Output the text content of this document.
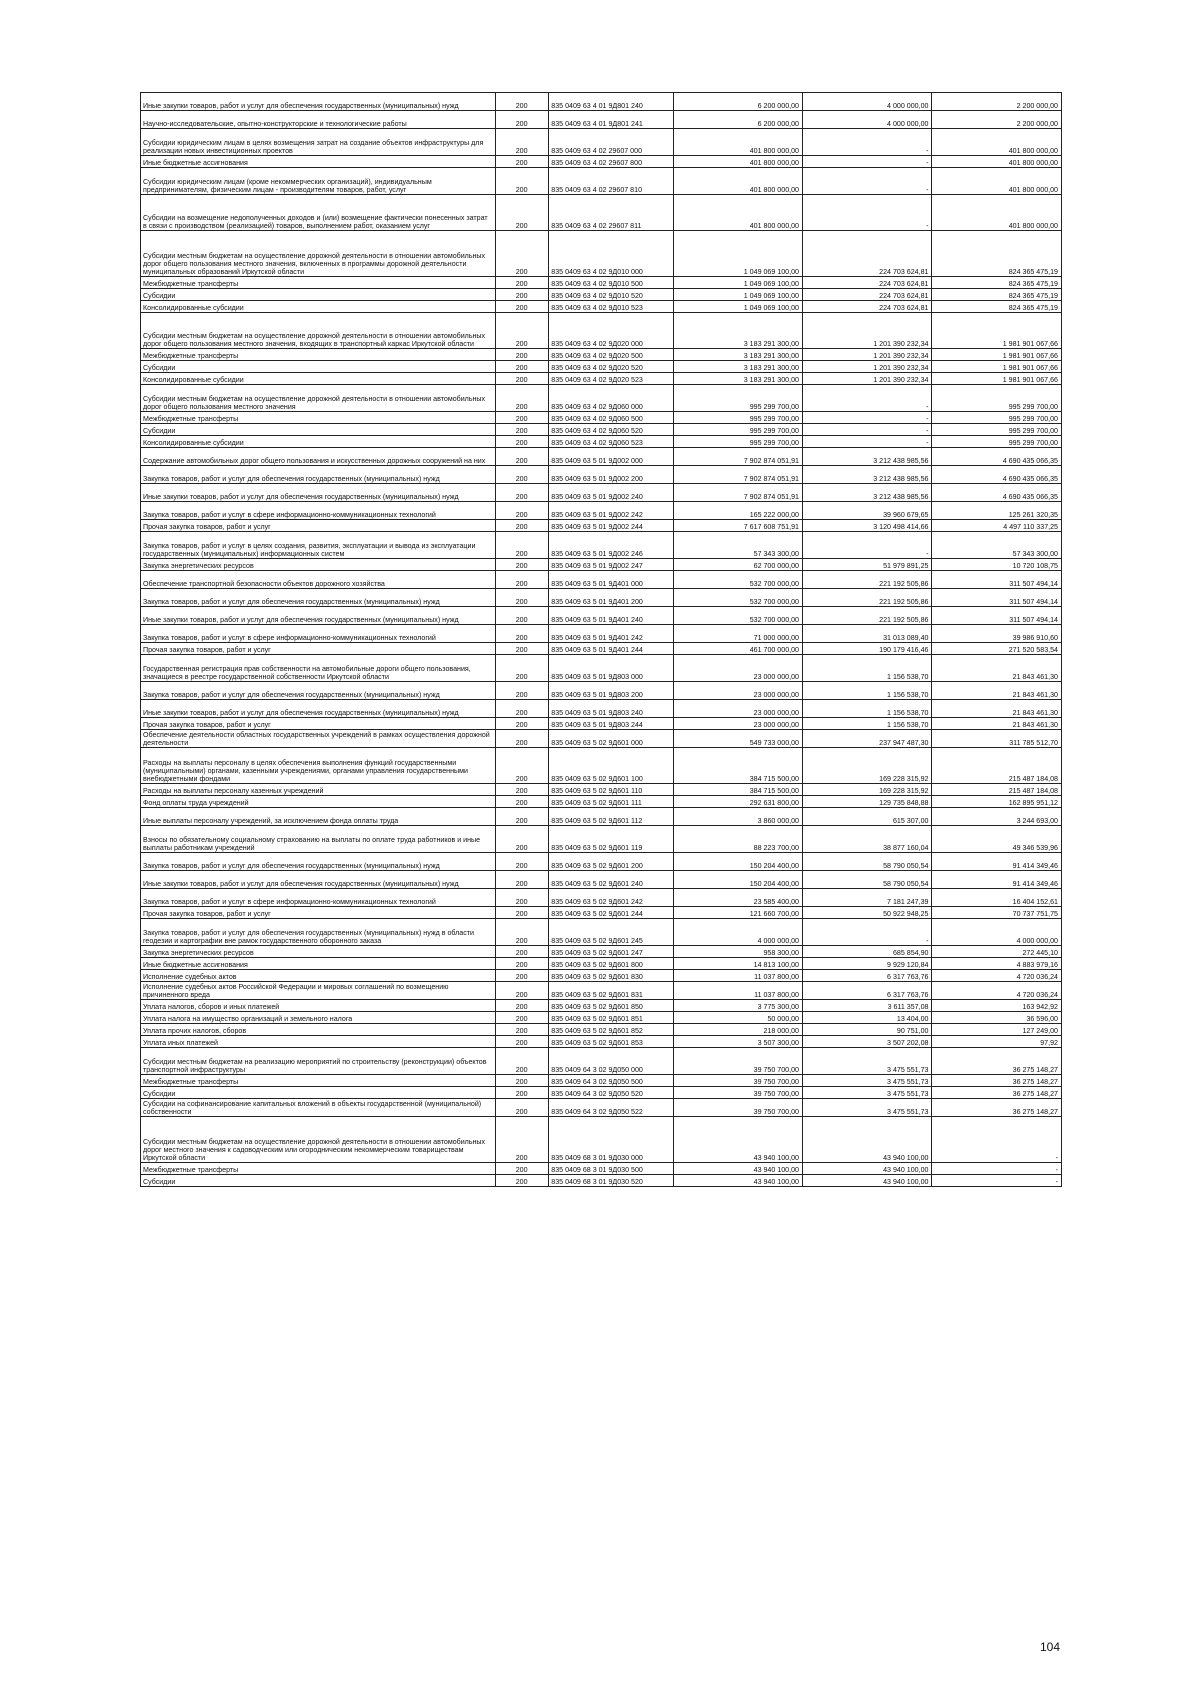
Иные закупки товаров, работ и услуг для обеспечения государственных (муниципальных) нужд	200	835 0409 63 4 01 9Д801 240	6 200 000,00	4 000 000,00	2 200 000,00
Научно-исследовательские, опытно-конструкторские и технологические работы	200	835 0409 63 4 01 9Д801 241	6 200 000,00	4 000 000,00	2 200 000,00
Субсидии юридическим лицам в целях возмещения затрат на создание объектов инфраструктуры для реализации новых инвестиционных проектов	200	835 0409 63 4 02 29607 000	401 800 000,00	-	401 800 000,00
Иные бюджетные ассигнования	200	835 0409 63 4 02 29607 800	401 800 000,00	-	401 800 000,00
Субсидии юридическим лицам (кроме некоммерческих организаций), индивидуальным предпринимателям, физическим лицам - производителям товаров, работ, услуг	200	835 0409 63 4 02 29607 810	401 800 000,00	-	401 800 000,00
Субсидии на возмещение недополученных доходов и (или) возмещение фактически понесенных затрат в связи с производством (реализацией) товаров, выполнением работ, оказанием услуг	200	835 0409 63 4 02 29607 811	401 800 000,00	-	401 800 000,00
Субсидии местным бюджетам на осуществление дорожной деятельности в отношении автомобильных дорог общего пользования местного значения, включенных в программы дорожной деятельности муниципальных образований Иркутской области	200	835 0409 63 4 02 9Д010 000	1 049 069 100,00	224 703 624,81	824 365 475,19
Межбюджетные трансферты	200	835 0409 63 4 02 9Д010 500	1 049 069 100,00	224 703 624,81	824 365 475,19
Субсидии	200	835 0409 63 4 02 9Д010 520	1 049 069 100,00	224 703 624,81	824 365 475,19
Консолидированные субсидии	200	835 0409 63 4 02 9Д010 523	1 049 069 100,00	224 703 624,81	824 365 475,19
Субсидии местным бюджетам на осуществление дорожной деятельности в отношении автомобильных дорог общего пользования местного значения, входящих в транспортный каркас Иркутской области	200	835 0409 63 4 02 9Д020 000	3 183 291 300,00	1 201 390 232,34	1 981 901 067,66
Межбюджетные трансферты	200	835 0409 63 4 02 9Д020 500	3 183 291 300,00	1 201 390 232,34	1 981 901 067,66
Субсидии	200	835 0409 63 4 02 9Д020 520	3 183 291 300,00	1 201 390 232,34	1 981 901 067,66
Консолидированные субсидии	200	835 0409 63 4 02 9Д020 523	3 183 291 300,00	1 201 390 232,34	1 981 901 067,66
Субсидии местным бюджетам на осуществление дорожной деятельности в отношении автомобильных дорог общего пользования местного значения	200	835 0409 63 4 02 9Д060 000	995 299 700,00	-	995 299 700,00
Межбюджетные трансферты	200	835 0409 63 4 02 9Д060 500	995 299 700,00	-	995 299 700,00
Субсидии	200	835 0409 63 4 02 9Д060 520	995 299 700,00	-	995 299 700,00
Консолидированные субсидии	200	835 0409 63 4 02 9Д060 523	995 299 700,00	-	995 299 700,00
Содержание автомобильных дорог общего пользования и искусственных дорожных сооружений на них	200	835 0409 63 5 01 9Д002 000	7 902 874 051,91	3 212 438 985,56	4 690 435 066,35
Закупка товаров, работ и услуг для обеспечения государственных (муниципальных) нужд	200	835 0409 63 5 01 9Д002 200	7 902 874 051,91	3 212 438 985,56	4 690 435 066,35
Иные закупки товаров, работ и услуг для обеспечения государственных (муниципальных) нужд	200	835 0409 63 5 01 9Д002 240	7 902 874 051,91	3 212 438 985,56	4 690 435 066,35
Закупка товаров, работ и услуг в сфере информационно-коммуникационных технологий	200	835 0409 63 5 01 9Д002 242	165 222 000,00	39 960 679,65	125 261 320,35
Прочая закупка товаров, работ и услуг	200	835 0409 63 5 01 9Д002 244	7 617 608 751,91	3 120 498 414,66	4 497 110 337,25
Закупка товаров, работ и услуг в целях создания, развития, эксплуатации и вывода из эксплуатации государственных (муниципальных) информационных систем	200	835 0409 63 5 01 9Д002 246	57 343 300,00	-	57 343 300,00
Закупка энергетических ресурсов	200	835 0409 63 5 01 9Д002 247	62 700 000,00	51 979 891,25	10 720 108,75
Обеспечение транспортной безопасности объектов дорожного хозяйства	200	835 0409 63 5 01 9Д401 000	532 700 000,00	221 192 505,86	311 507 494,14
Закупка товаров, работ и услуг для обеспечения государственных (муниципальных) нужд	200	835 0409 63 5 01 9Д401 200	532 700 000,00	221 192 505,86	311 507 494,14
Иные закупки товаров, работ и услуг для обеспечения государственных (муниципальных) нужд	200	835 0409 63 5 01 9Д401 240	532 700 000,00	221 192 505,86	311 507 494,14
Закупка товаров, работ и услуг в сфере информационно-коммуникационных технологий	200	835 0409 63 5 01 9Д401 242	71 000 000,00	31 013 089,40	39 986 910,60
Прочая закупка товаров, работ и услуг	200	835 0409 63 5 01 9Д401 244	461 700 000,00	190 179 416,46	271 520 583,54
Государственная регистрация прав собственности на автомобильные дороги общего пользования, значащиеся в реестре государственной собственности Иркутской области	200	835 0409 63 5 01 9Д803 000	23 000 000,00	1 156 538,70	21 843 461,30
Закупка товаров, работ и услуг для обеспечения государственных (муниципальных) нужд	200	835 0409 63 5 01 9Д803 200	23 000 000,00	1 156 538,70	21 843 461,30
Иные закупки товаров, работ и услуг для обеспечения государственных (муниципальных) нужд	200	835 0409 63 5 01 9Д803 240	23 000 000,00	1 156 538,70	21 843 461,30
Прочая закупка товаров, работ и услуг	200	835 0409 63 5 01 9Д803 244	23 000 000,00	1 156 538,70	21 843 461,30
Обеспечение деятельности областных государственных учреждений в рамках осуществления дорожной деятельности	200	835 0409 63 5 02 9Д601 000	549 733 000,00	237 947 487,30	311 785 512,70
Расходы на выплаты персоналу в целях обеспечения выполнения функций государственными (муниципальными) органами, казенными учреждениями, органами управления государственными внебюджетными фондами	200	835 0409 63 5 02 9Д601 100	384 715 500,00	169 228 315,92	215 487 184,08
Расходы на выплаты персоналу казенных учреждений	200	835 0409 63 5 02 9Д601 110	384 715 500,00	169 228 315,92	215 487 184,08
Фонд оплаты труда учреждений	200	835 0409 63 5 02 9Д601 111	292 631 800,00	129 735 848,88	162 895 951,12
Иные выплаты персоналу учреждений, за исключением фонда оплаты труда	200	835 0409 63 5 02 9Д601 112	3 860 000,00	615 307,00	3 244 693,00
Взносы по обязательному социальному страхованию на выплаты по оплате труда работников и иные выплаты работникам учреждений	200	835 0409 63 5 02 9Д601 119	88 223 700,00	38 877 160,04	49 346 539,96
Закупка товаров, работ и услуг для обеспечения государственных (муниципальных) нужд	200	835 0409 63 5 02 9Д601 200	150 204 400,00	58 790 050,54	91 414 349,46
Иные закупки товаров, работ и услуг для обеспечения государственных (муниципальных) нужд	200	835 0409 63 5 02 9Д601 240	150 204 400,00	58 790 050,54	91 414 349,46
Закупка товаров, работ и услуг в сфере информационно-коммуникационных технологий	200	835 0409 63 5 02 9Д601 242	23 585 400,00	7 181 247,39	16 404 152,61
Прочая закупка товаров, работ и услуг	200	835 0409 63 5 02 9Д601 244	121 660 700,00	50 922 948,25	70 737 751,75
Закупка товаров, работ и услуг для обеспечения государственных (муниципальных) нужд в области геодезии и картографии вне рамок государственного оборонного заказа	200	835 0409 63 5 02 9Д601 245	4 000 000,00	-	4 000 000,00
Закупка энергетических ресурсов	200	835 0409 63 5 02 9Д601 247	958 300,00	685 854,90	272 445,10
Иные бюджетные ассигнования	200	835 0409 63 5 02 9Д601 800	14 813 100,00	9 929 120,84	4 883 979,16
Исполнение судебных актов	200	835 0409 63 5 02 9Д601 830	11 037 800,00	6 317 763,76	4 720 036,24
Исполнение судебных актов Российской Федерации и мировых соглашений по возмещению причиненного вреда	200	835 0409 63 5 02 9Д601 831	11 037 800,00	6 317 763,76	4 720 036,24
Уплата налогов, сборов и иных платежей	200	835 0409 63 5 02 9Д601 850	3 775 300,00	3 611 357,08	163 942,92
Уплата налога на имущество организаций и земельного налога	200	835 0409 63 5 02 9Д601 851	50 000,00	13 404,00	36 596,00
Уплата прочих налогов, сборов	200	835 0409 63 5 02 9Д601 852	218 000,00	90 751,00	127 249,00
Уплата иных платежей	200	835 0409 63 5 02 9Д601 853	3 507 300,00	3 507 202,08	97,92
Субсидии местным бюджетам на реализацию мероприятий по строительству (реконструкции) объектов транспортной инфраструктуры	200	835 0409 64 3 02 9Д050 000	39 750 700,00	3 475 551,73	36 275 148,27
Межбюджетные трансферты	200	835 0409 64 3 02 9Д050 500	39 750 700,00	3 475 551,73	36 275 148,27
Субсидии	200	835 0409 64 3 02 9Д050 520	39 750 700,00	3 475 551,73	36 275 148,27
Субсидии на софинансирование капитальных вложений в объекты государственной (муниципальной) собственности	200	835 0409 64 3 02 9Д050 522	39 750 700,00	3 475 551,73	36 275 148,27
Субсидии местным бюджетам на осуществление дорожной деятельности в отношении автомобильных дорог местного значения к садоводческим или огородническим некоммерческим товариществам Иркутской области	200	835 0409 68 3 01 9Д030 000	43 940 100,00	43 940 100,00	-
Межбюджетные трансферты	200	835 0409 68 3 01 9Д030 500	43 940 100,00	43 940 100,00	-
Субсидии	200	835 0409 68 3 01 9Д030 520	43 940 100,00	43 940 100,00	-
104
